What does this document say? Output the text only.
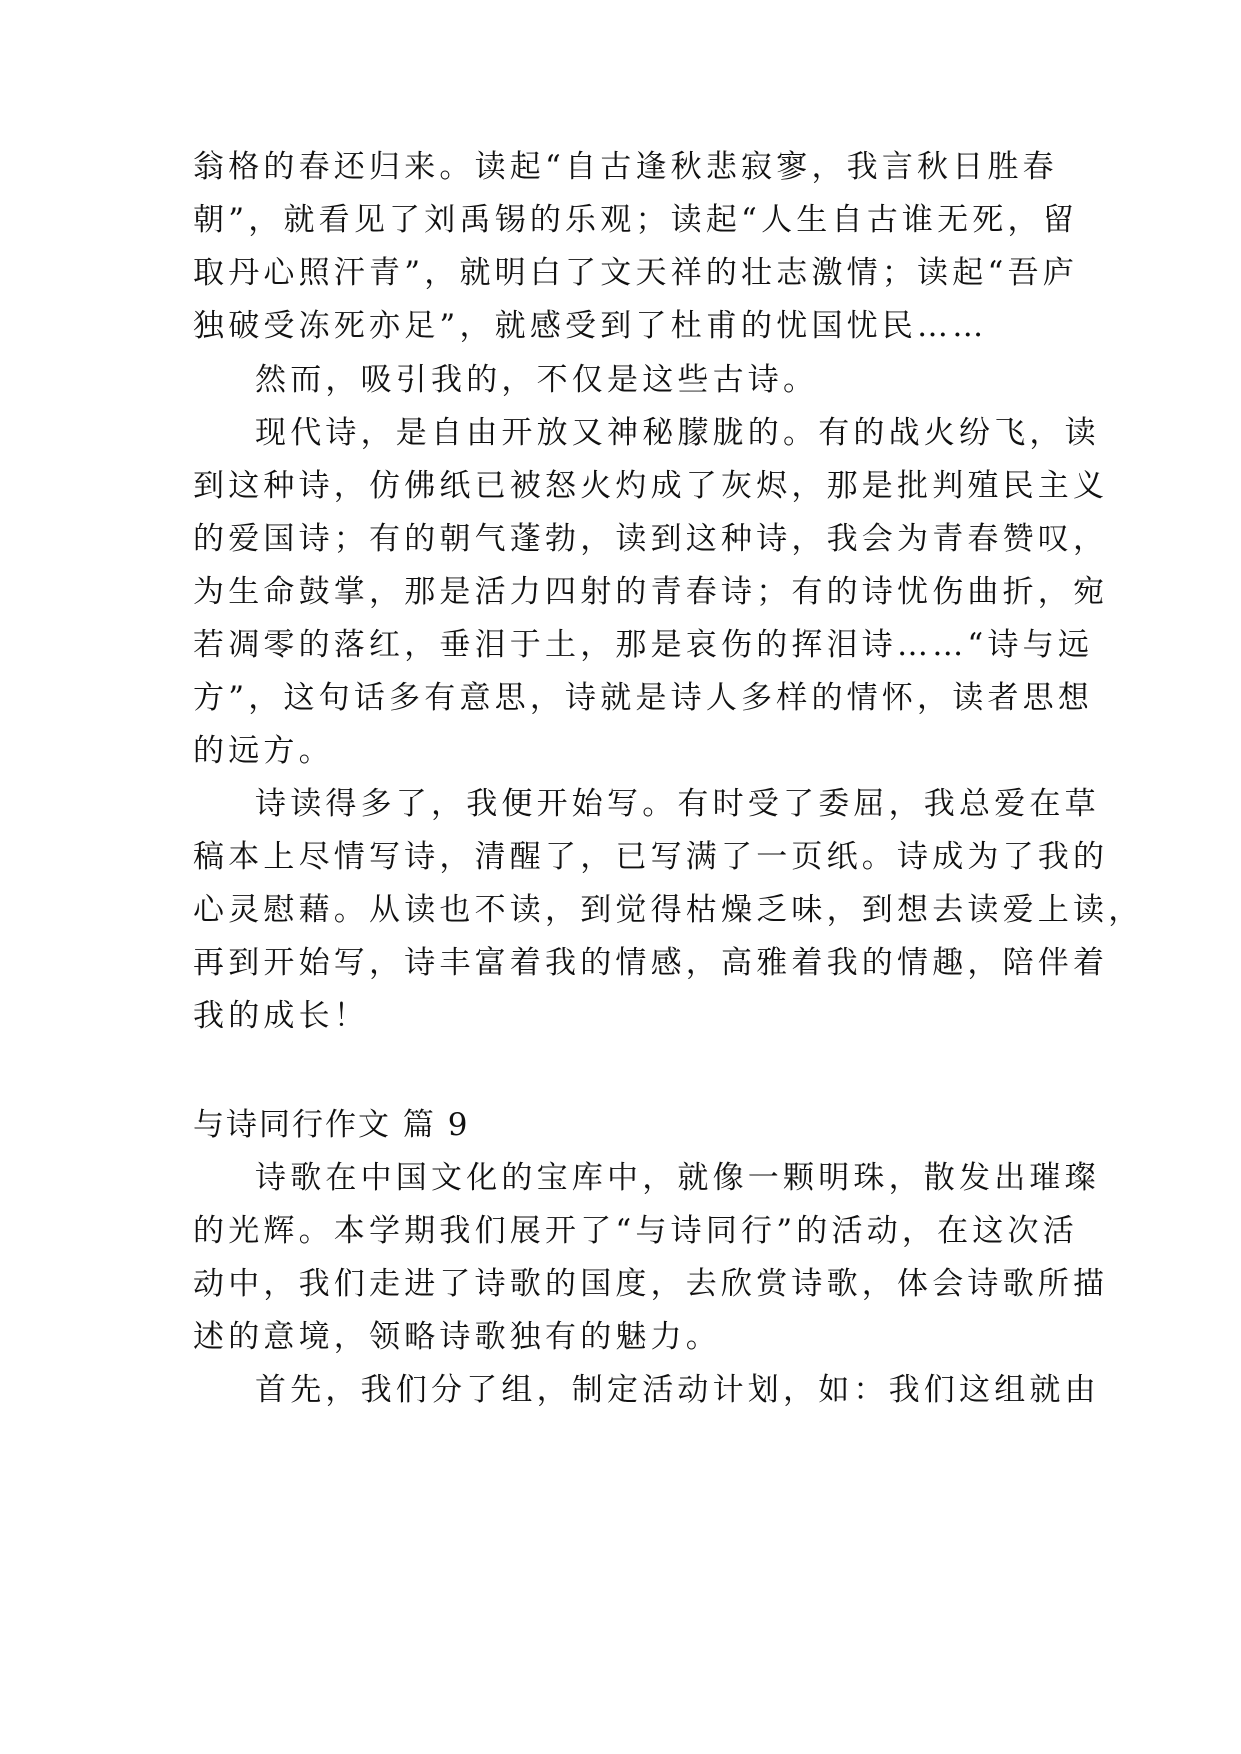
翁格的春还归来。读起“自古逢秋悲寂寥，我言秋日胜春

朝”，就看见了刘禹锡的乐观；读起“人生自古谁无死，留

取丹心照汗青”，就明白了文天祥的壮志激情；读起“吾庐

独破受冻死亦足”，就感受到了杜甫的忧国忧民……

然而，吸引我的，不仅是这些古诗。

现代诗，是自由开放又神秘朦胧的。有的战火纷飞，读

到这种诗，仿佛纸已被怒火灼成了灰烬，那是批判殖民主义

的爱国诗；有的朝气蓬勃，读到这种诗，我会为青春赞叹，

为生命鼓掌，那是活力四射的青春诗；有的诗忧伤曲折，宛

若凋零的落红，垂泪于土，那是哀伤的挥泪诗……“诗与远

方”，这句话多有意思，诗就是诗人多样的情怀，读者思想

的远方。

诗读得多了，我便开始写。有时受了委屈，我总爱在草

稿本上尽情写诗，清醒了，已写满了一页纸。诗成为了我的

心灵慰藉。从读也不读，到觉得枯燥乏味，到想去读爱上读，

再到开始写，诗丰富着我的情感，高雅着我的情趣，陪伴着

我的成长！

与诗同行作文 篇 9

诗歌在中国文化的宝库中，就像一颗明珠，散发出璀璨

的光辉。本学期我们展开了“与诗同行”的活动，在这次活

动中，我们走进了诗歌的国度，去欣赏诗歌，体会诗歌所描

述的意境，领略诗歌独有的魅力。

首先，我们分了组，制定活动计划，如：我们这组就由
